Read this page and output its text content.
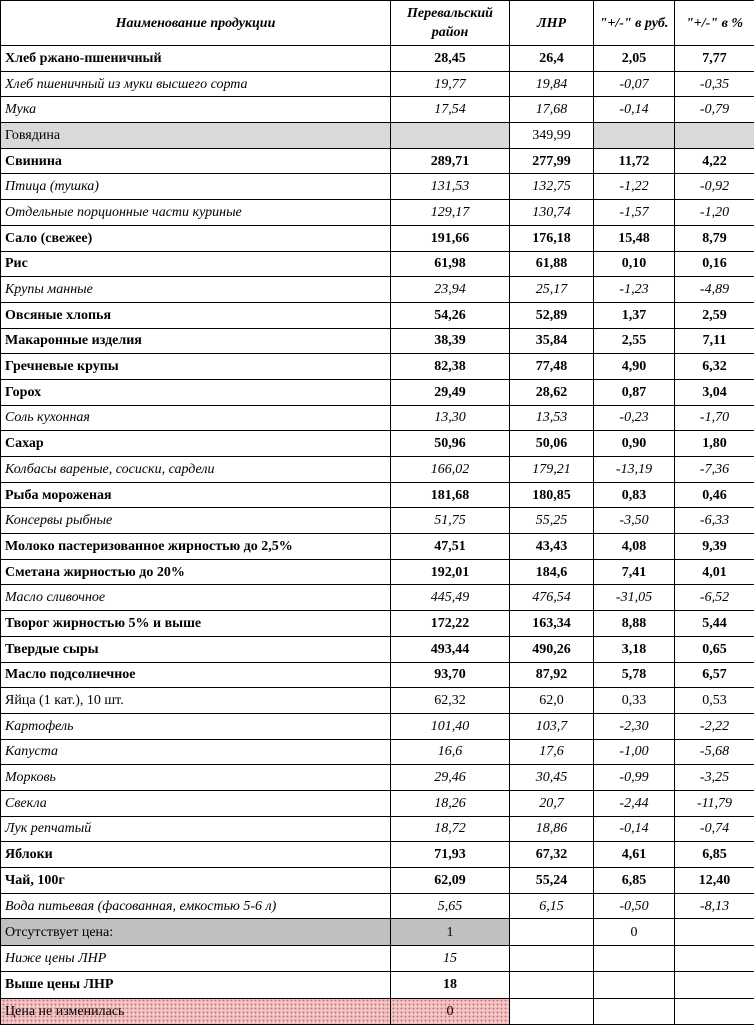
Наименование продукции	Перевальский район	ЛНР	"+/-" в руб.	"+/-" в %
Хлеб ржано-пшеничный	28,45	26,4	2,05	7,77
Хлеб пшеничный из муки высшего сорта	19,77	19,84	-0,07	-0,35
Мука	17,54	17,68	-0,14	-0,79
Говядина		349,99		
Свинина	289,71	277,99	11,72	4,22
Птица (тушка)	131,53	132,75	-1,22	-0,92
Отдельные порционные части куриные	129,17	130,74	-1,57	-1,20
Сало (свежее)	191,66	176,18	15,48	8,79
Рис	61,98	61,88	0,10	0,16
Крупы манные	23,94	25,17	-1,23	-4,89
Овсяные хлопья	54,26	52,89	1,37	2,59
Макаронные изделия	38,39	35,84	2,55	7,11
Гречневые крупы	82,38	77,48	4,90	6,32
Горох	29,49	28,62	0,87	3,04
Соль кухонная	13,30	13,53	-0,23	-1,70
Сахар	50,96	50,06	0,90	1,80
Колбасы вареные, сосиски, сардели	166,02	179,21	-13,19	-7,36
Рыба мороженая	181,68	180,85	0,83	0,46
Консервы рыбные	51,75	55,25	-3,50	-6,33
Молоко пастеризованное жирностью до 2,5%	47,51	43,43	4,08	9,39
Сметана жирностью до 20%	192,01	184,6	7,41	4,01
Масло сливочное	445,49	476,54	-31,05	-6,52
Творог жирностью 5% и выше	172,22	163,34	8,88	5,44
Твердые сыры	493,44	490,26	3,18	0,65
Масло подсолнечное	93,70	87,92	5,78	6,57
Яйца (1 кат.), 10 шт.	62,32	62,0	0,33	0,53
Картофель	101,40	103,7	-2,30	-2,22
Капуста	16,6	17,6	-1,00	-5,68
Морковь	29,46	30,45	-0,99	-3,25
Свекла	18,26	20,7	-2,44	-11,79
Лук репчатый	18,72	18,86	-0,14	-0,74
Яблоки	71,93	67,32	4,61	6,85
Чай, 100г	62,09	55,24	6,85	12,40
Вода питьевая (фасованная, емкостью 5-6 л)	5,65	6,15	-0,50	-8,13
Отсутствует цена:	1		0	
Ниже цены ЛНР	15			
Выше цены ЛНР	18			
Цена не изменилась	0			
